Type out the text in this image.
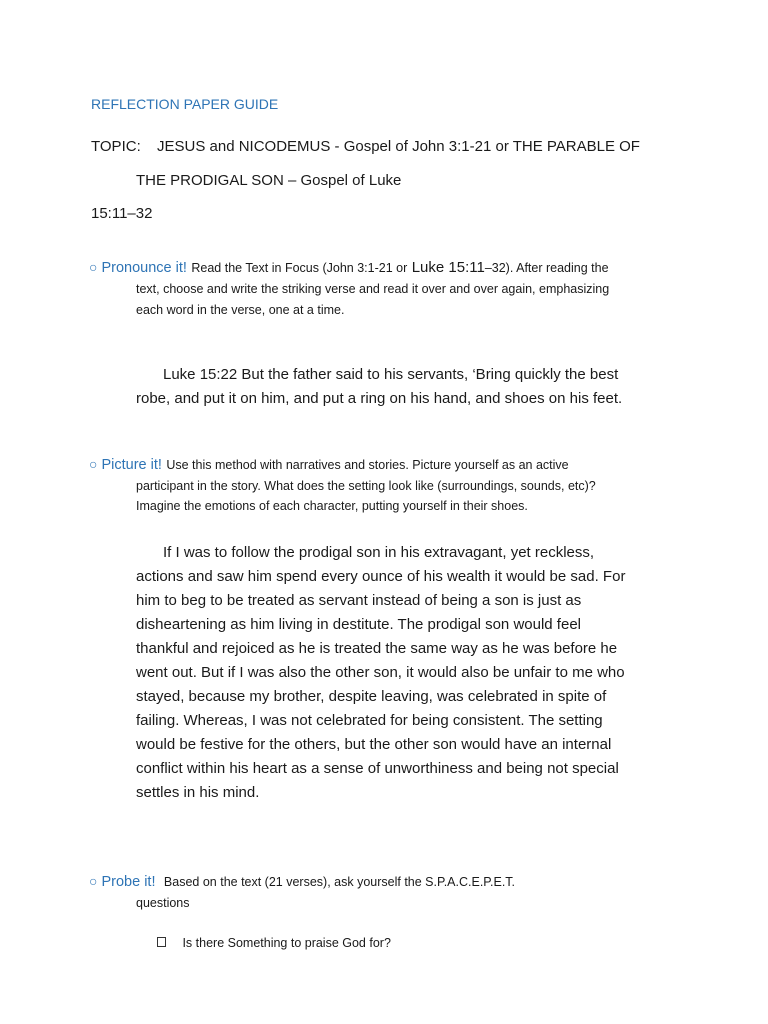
REFLECTION PAPER GUIDE
TOPIC: JESUS and NICODEMUS - Gospel of John 3:1-21 or THE PARABLE OF
THE PRODIGAL SON – Gospel of Luke
15:11–32
○ Pronounce it! Read the Text in Focus (John 3:1-21 or Luke 15:11–32). After reading the
text, choose and write the striking verse and read it over and over again, emphasizing
each word in the verse, one at a time.
Luke 15:22 But the father said to his servants, ‘Bring quickly the best
robe, and put it on him, and put a ring on his hand, and shoes on his feet.
○ Picture it! Use this method with narratives and stories. Picture yourself as an active
participant in the story. What does the setting look like (surroundings, sounds, etc)?
Imagine the emotions of each character, putting yourself in their shoes.
If I was to follow the prodigal son in his extravagant, yet reckless,
actions and saw him spend every ounce of his wealth it would be sad. For
him to beg to be treated as servant instead of being a son is just as
disheartening as him living in destitute. The prodigal son would feel
thankful and rejoiced as he is treated the same way as he was before he
went out. But if I was also the other son, it would also be unfair to me who
stayed, because my brother, despite leaving, was celebrated in spite of
failing. Whereas, I was not celebrated for being consistent. The setting
would be festive for the others, but the other son would have an internal
conflict within his heart as a sense of unworthiness and being not special
settles in his mind.
○ Probe it! Based on the text (21 verses), ask yourself the S.P.A.C.E.P.E.T.
questions
Is there Something to praise God for?
